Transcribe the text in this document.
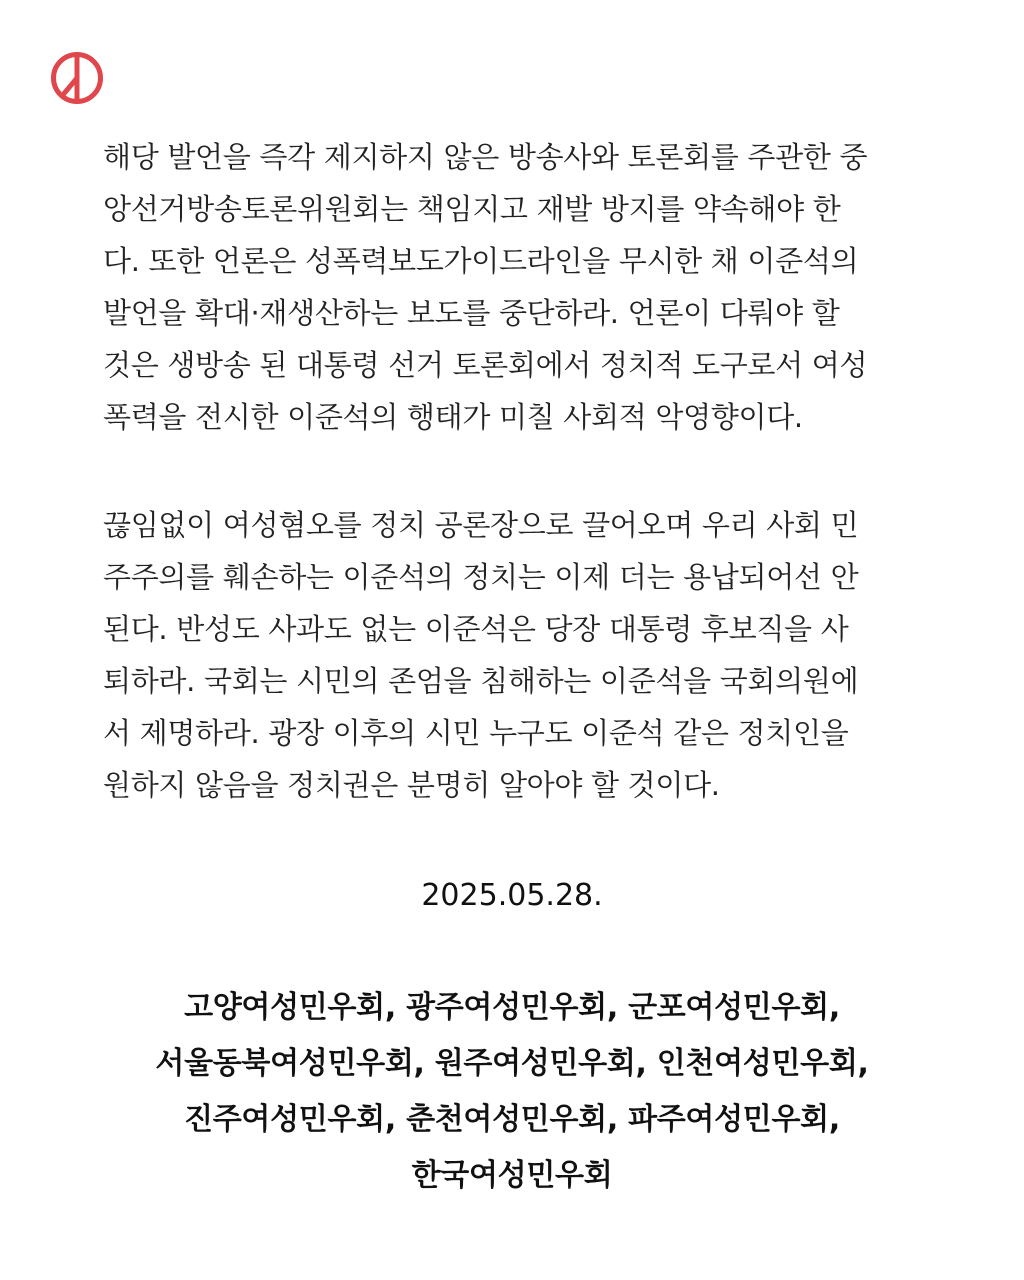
해당 발언을 즉각 제지하지 않은 방송사와 토론회를 주관한 중
앙선거방송토론위원회는 책임지고 재발 방지를 약속해야 한
다. 또한 언론은 성폭력보도가이드라인을 무시한 채 이준석의
발언을 확대·재생산하는 보도를 중단하라. 언론이 다뤄야 할
것은 생방송 된 대통령 선거 토론회에서 정치적 도구로서 여성
폭력을 전시한 이준석의 행태가 미칠 사회적 악영향이다.
끊임없이 여성혐오를 정치 공론장으로 끌어오며 우리 사회 민
주주의를 훼손하는 이준석의 정치는 이제 더는 용납되어선 안
된다. 반성도 사과도 없는 이준석은 당장 대통령 후보직을 사
퇴하라. 국회는 시민의 존엄을 침해하는 이준석을 국회의원에
서 제명하라. 광장 이후의 시민 누구도 이준석 같은 정치인을
원하지 않음을 정치권은 분명히 알아야 할 것이다.
2025.05.28.
고양여성민우회, 광주여성민우회, 군포여성민우회,
서울동북여성민우회, 원주여성민우회, 인천여성민우회,
진주여성민우회, 춘천여성민우회, 파주여성민우회,
한국여성민우회
